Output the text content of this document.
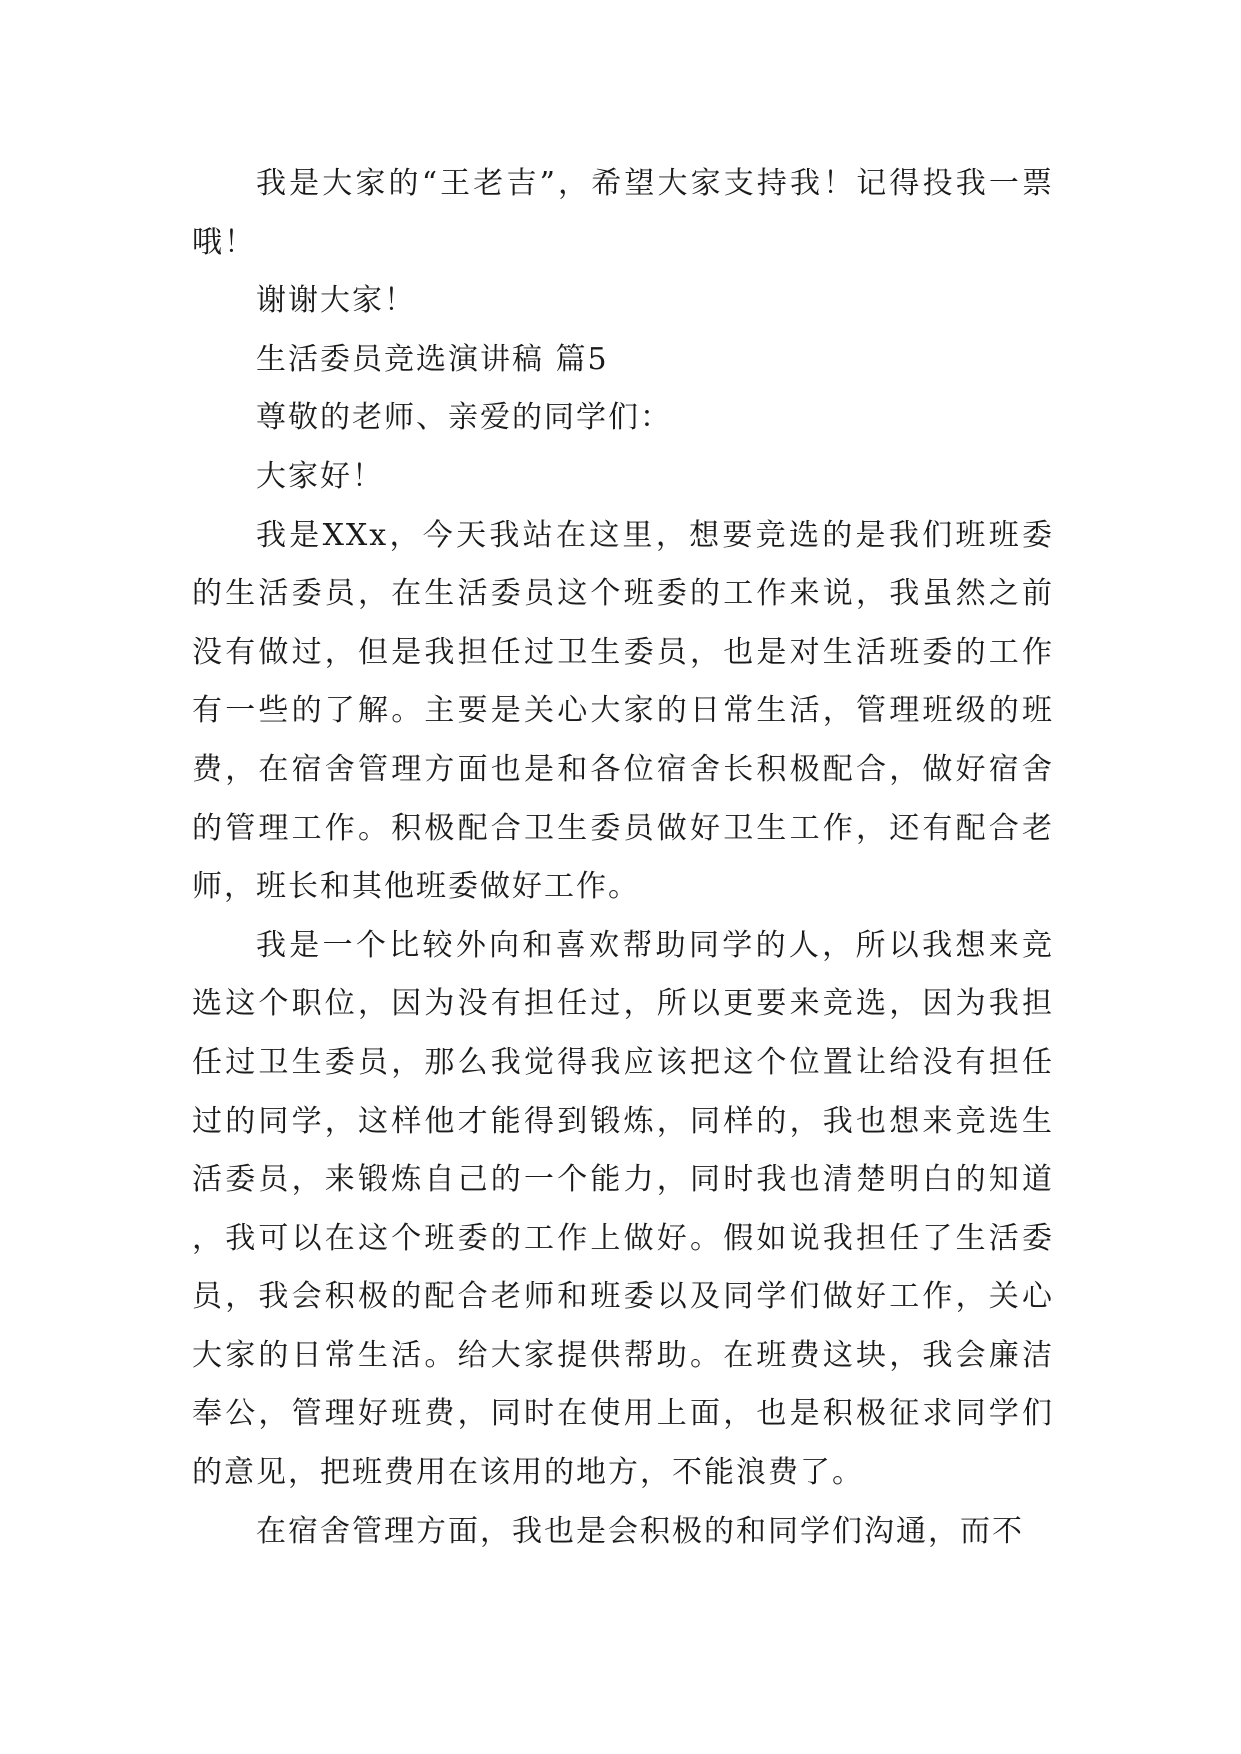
我是大家的“王老吉”，希望大家支持我！记得投我一票哦！

谢谢大家！

生活委员竞选演讲稿 篇5

尊敬的老师、亲爱的同学们：

大家好！

我是XXx，今天我站在这里，想要竞选的是我们班班委的生活委员，在生活委员这个班委的工作来说，我虽然之前没有做过，但是我担任过卫生委员，也是对生活班委的工作有一些的了解。主要是关心大家的日常生活，管理班级的班费，在宿舍管理方面也是和各位宿舍长积极配合，做好宿舍的管理工作。积极配合卫生委员做好卫生工作，还有配合老师，班长和其他班委做好工作。

我是一个比较外向和喜欢帮助同学的人，所以我想来竞选这个职位，因为没有担任过，所以更要来竞选，因为我担任过卫生委员，那么我觉得我应该把这个位置让给没有担任过的同学，这样他才能得到锻炼，同样的，我也想来竞选生活委员，来锻炼自己的一个能力，同时我也清楚明白的知道，我可以在这个班委的工作上做好。假如说我担任了生活委员，我会积极的配合老师和班委以及同学们做好工作，关心大家的日常生活。给大家提供帮助。在班费这块，我会廉洁奉公，管理好班费，同时在使用上面，也是积极征求同学们的意见，把班费用在该用的地方，不能浪费了。

在宿舍管理方面，我也是会积极的和同学们沟通，而不
